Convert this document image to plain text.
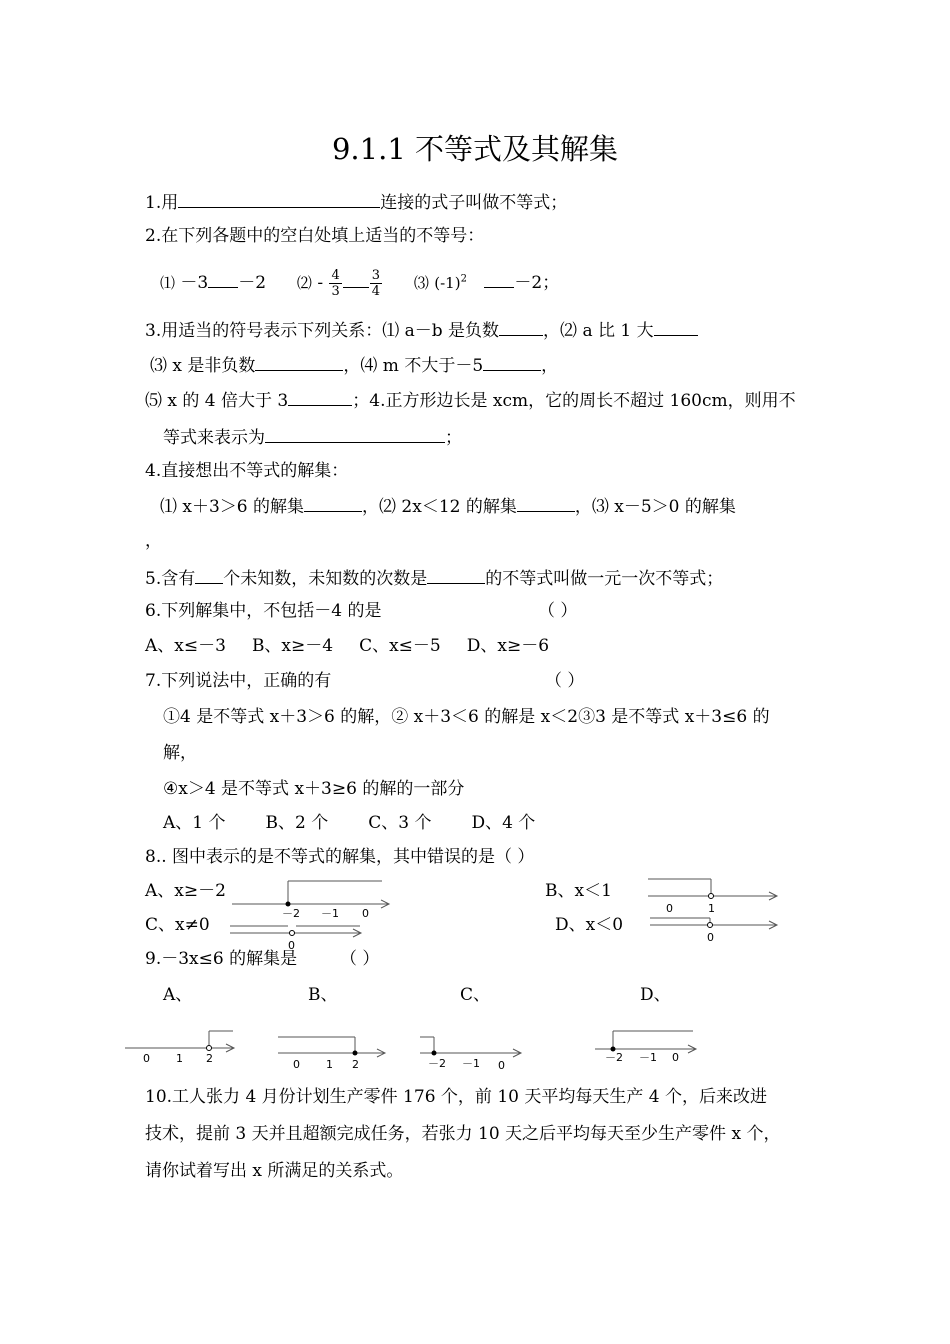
9.1.1 不等式及其解集
1.用	连接的式子叫做不等式；
2.在下列各题中的空白处填上适当的不等号：
⑴ －3 －2 ⑵ - $\frac{4}{3} \frac{3}{4}$ ⑶ $(-1)^2$	－2；
3.用适当的符号表示下列关系：⑴ a－b 是负数	，⑵ a 比 1 大
⑶ x 是非负数	，⑷ m 不大于－5	，
⑸ x 的 4 倍大于 3	；4.正方形边长是 xcm，它的周长不超过 160cm，则用不
等式来表示为	；
4.直接想出不等式的解集：
⑴ x＋3＞6 的解集	，⑵ 2x＜12 的解集	，⑶ x－5＞0 的解集
，
5.含有 个未知数，未知数的次数是	的不等式叫做一元一次不等式；
6.下列解集中，不包括－4 的是	（ ）
A、x≤－3 B、x≥－4 C、x≤－5 D、x≥－6
7.下列说法中，正确的有	（ ）
①4 是不等式 x＋3＞6 的解，② x＋3＜6 的解是 x＜2③3 是不等式 x＋3≤6 的
解，
④x＞4 是不等式 x＋3≥6 的解的一部分
A、1 个 B、2 个 C、3 个 D、4 个
8.. 图中表示的是不等式的解集，其中错误的是（ ）
A、x≥－2	B、x＜1
C、x≠0	D、x＜0
－2 －1 0	0	1
0
0
9.－3x≤6 的解集是	（ ）
A、	B、	C、	D、
0 1 2	0 1 2	－2 －1 0
－2 －1 0
10.工人张力 4 月份计划生产零件 176 个，前 10 天平均每天生产 4 个，后来改进
技术，提前 3 天并且超额完成任务，若张力 10 天之后平均每天至少生产零件 x 个，
请你试着写出 x 所满足的关系式。
